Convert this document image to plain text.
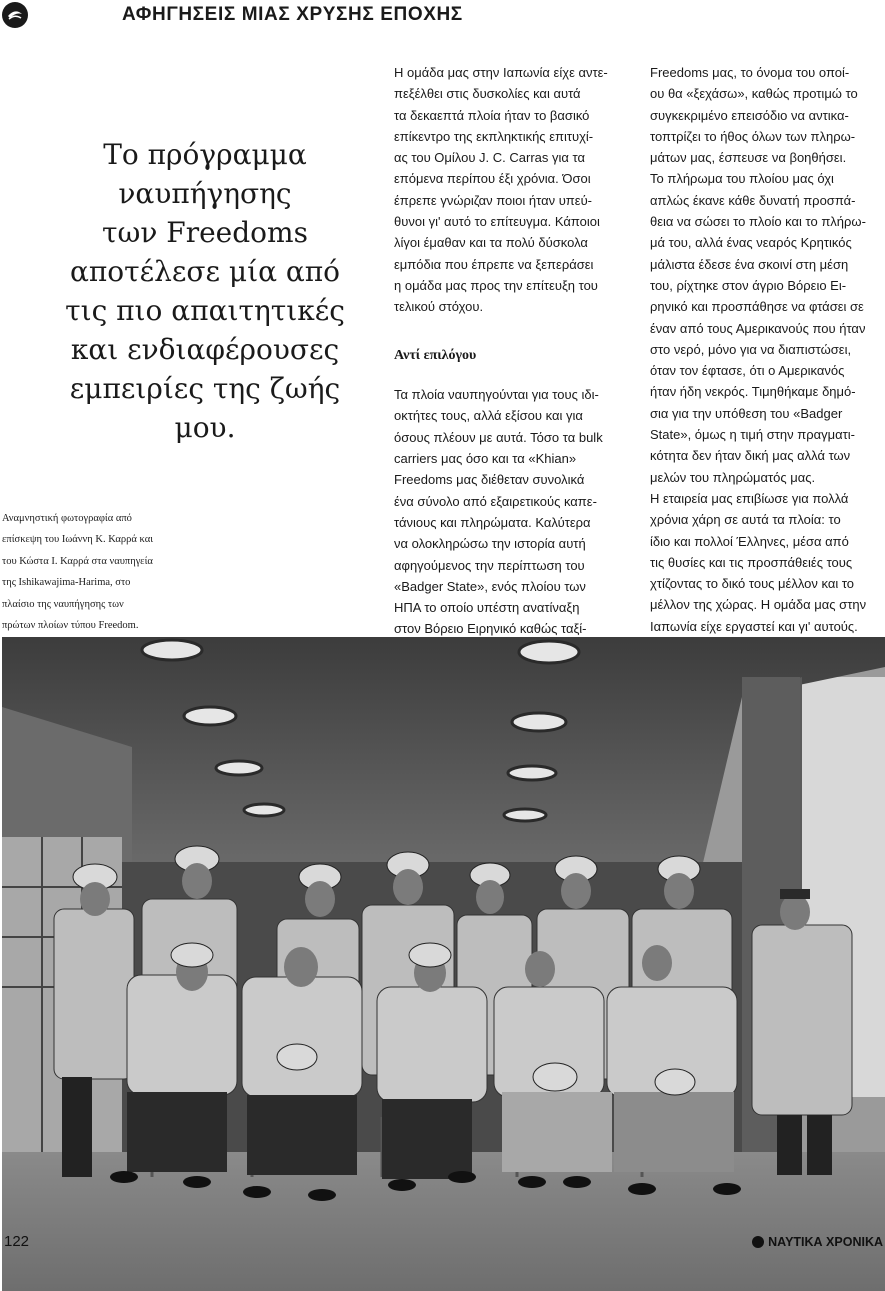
ΑΦΗΓΗΣΕΙΣ ΜΙΑΣ ΧΡΥΣΗΣ ΕΠΟΧΗΣ
Το πρόγραμμα
ναυπήγησης
των Freedoms
αποτέλεσε μία από
τις πιο απαιτητικές
και ενδιαφέρουσες
εμπειρίες της ζωής
μου.
Αναμνηστική φωτογραφία από
επίσκεψη του Ιωάννη Κ. Καρρά και
του Κώστα Ι. Καρρά στα ναυπηγεία
της Ishikawajima-Harima, στο
πλαίσιο της ναυπήγησης των
πρώτων πλοίων τύπου Freedom.
Η ομάδα μας στην Ιαπωνία είχε αντε-
πεξέλθει στις δυσκολίες και αυτά
τα δεκαεπτά πλοία ήταν το βασικό
επίκεντρο της εκπληκτικής επιτυχί-
ας του Ομίλου J. C. Carras για τα
επόμενα περίπου έξι χρόνια. Όσοι
έπρεπε γνώριζαν ποιοι ήταν υπεύ-
θυνοι γι' αυτό το επίτευγμα. Κάποιοι
λίγοι έμαθαν και τα πολύ δύσκολα
εμπόδια που έπρεπε να ξεπεράσει
η ομάδα μας προς την επίτευξη του
τελικού στόχου.
Αντί επιλόγου
Τα πλοία ναυπηγούνται για τους ιδι-
οκτήτες τους, αλλά εξίσου και για
όσους πλέουν με αυτά. Τόσο τα bulk
carriers μας όσο και τα «Khian»
Freedoms μας διέθεταν συνολικά
ένα σύνολο από εξαιρετικούς καπε-
τάνιους και πληρώματα. Καλύτερα
να ολοκληρώσω την ιστορία αυτή
αφηγούμενος την περίπτωση του
«Badger State», ενός πλοίου των
ΗΠΑ το οποίο υπέστη ανατίναξη
στον Βόρειο Ειρηνικό καθώς ταξί-
Freedoms μας, το όνομα του οποί-
ου θα «ξεχάσω», καθώς προτιμώ το
συγκεκριμένο επεισόδιο να αντικα-
τοπτρίζει το ήθος όλων των πληρω-
μάτων μας, έσπευσε να βοηθήσει.
Το πλήρωμα του πλοίου μας όχι
απλώς έκανε κάθε δυνατή προσπά-
θεια να σώσει το πλοίο και το πλήρω-
μά του, αλλά ένας νεαρός Κρητικός
μάλιστα έδεσε ένα σκοινί στη μέση
του, ρίχτηκε στον άγριο Βόρειο Ει-
ρηνικό και προσπάθησε να φτάσει σε
έναν από τους Αμερικανούς που ήταν
στο νερό, μόνο για να διαπιστώσει,
όταν τον έφτασε, ότι ο Αμερικανός
ήταν ήδη νεκρός. Τιμηθήκαμε δημό-
σια για την υπόθεση του «Badger
State», όμως η τιμή στην πραγματι-
κότητα δεν ήταν δική μας αλλά των
μελών του πληρώματός μας.
Η εταιρεία μας επιβίωσε για πολλά
χρόνια χάρη σε αυτά τα πλοία: το
ίδιο και πολλοί Έλληνες, μέσα από
τις θυσίες και τις προσπάθειές τους
χτίζοντας το δικό τους μέλλον και το
μέλλον της χώρας. Η ομάδα μας στην
Ιαπωνία είχε εργαστεί και γι' αυτούς.
122	ΝΑΥΤΙΚΑ ΧΡΟΝΙΚΑ
